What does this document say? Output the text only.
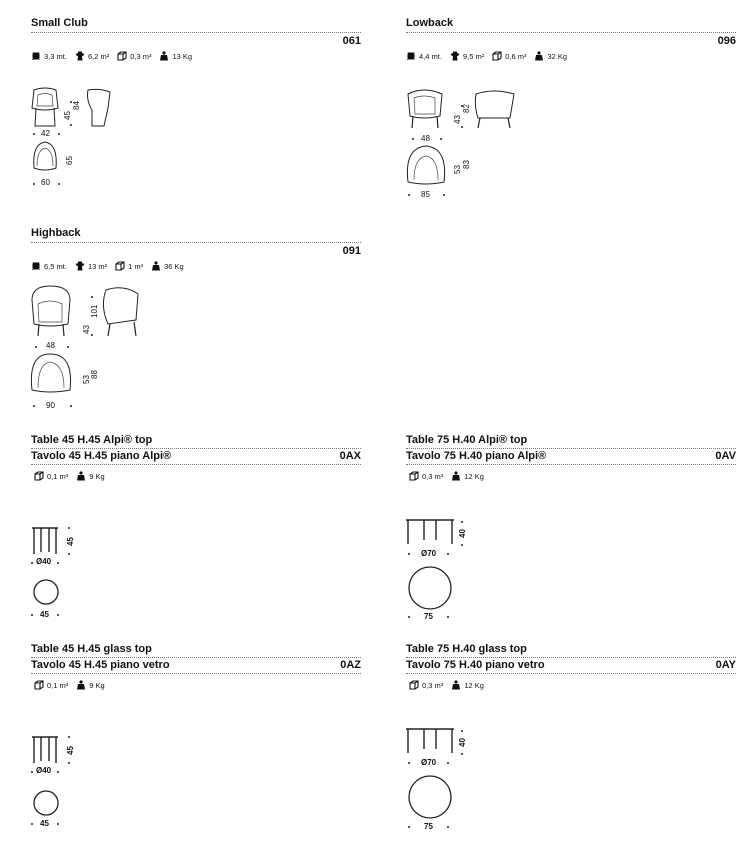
Small Club
061
3,3 mt.	6,2 m²	0,3 m³	13 Kg
45
84
42
65
60
Lowback
096
4,4 mt.	9,5 m²	0,6 m³	32 Kg
43
82
48
53
83
85
Highback
091
6,5 mt.	13 m²	1 m³	36 Kg
43
101
48
53
88
90
Table 45 H.45 Alpi® top
Tavolo 45 H.45 piano Alpi®	0AX
0,1 m³	9 Kg
45
Ø40
45
Table 75 H.40 Alpi® top
Tavolo 75 H.40 piano Alpi®	0AV
0,3 m³	12 Kg
40
Ø70
75
Table 45 H.45 glass top
Tavolo 45 H.45 piano vetro	0AZ
0,1 m³	9 Kg
45
Ø40
45
Table 75 H.40 glass top
Tavolo 75 H.40 piano vetro	0AY
0,3 m³	12 Kg
40
Ø70
75
